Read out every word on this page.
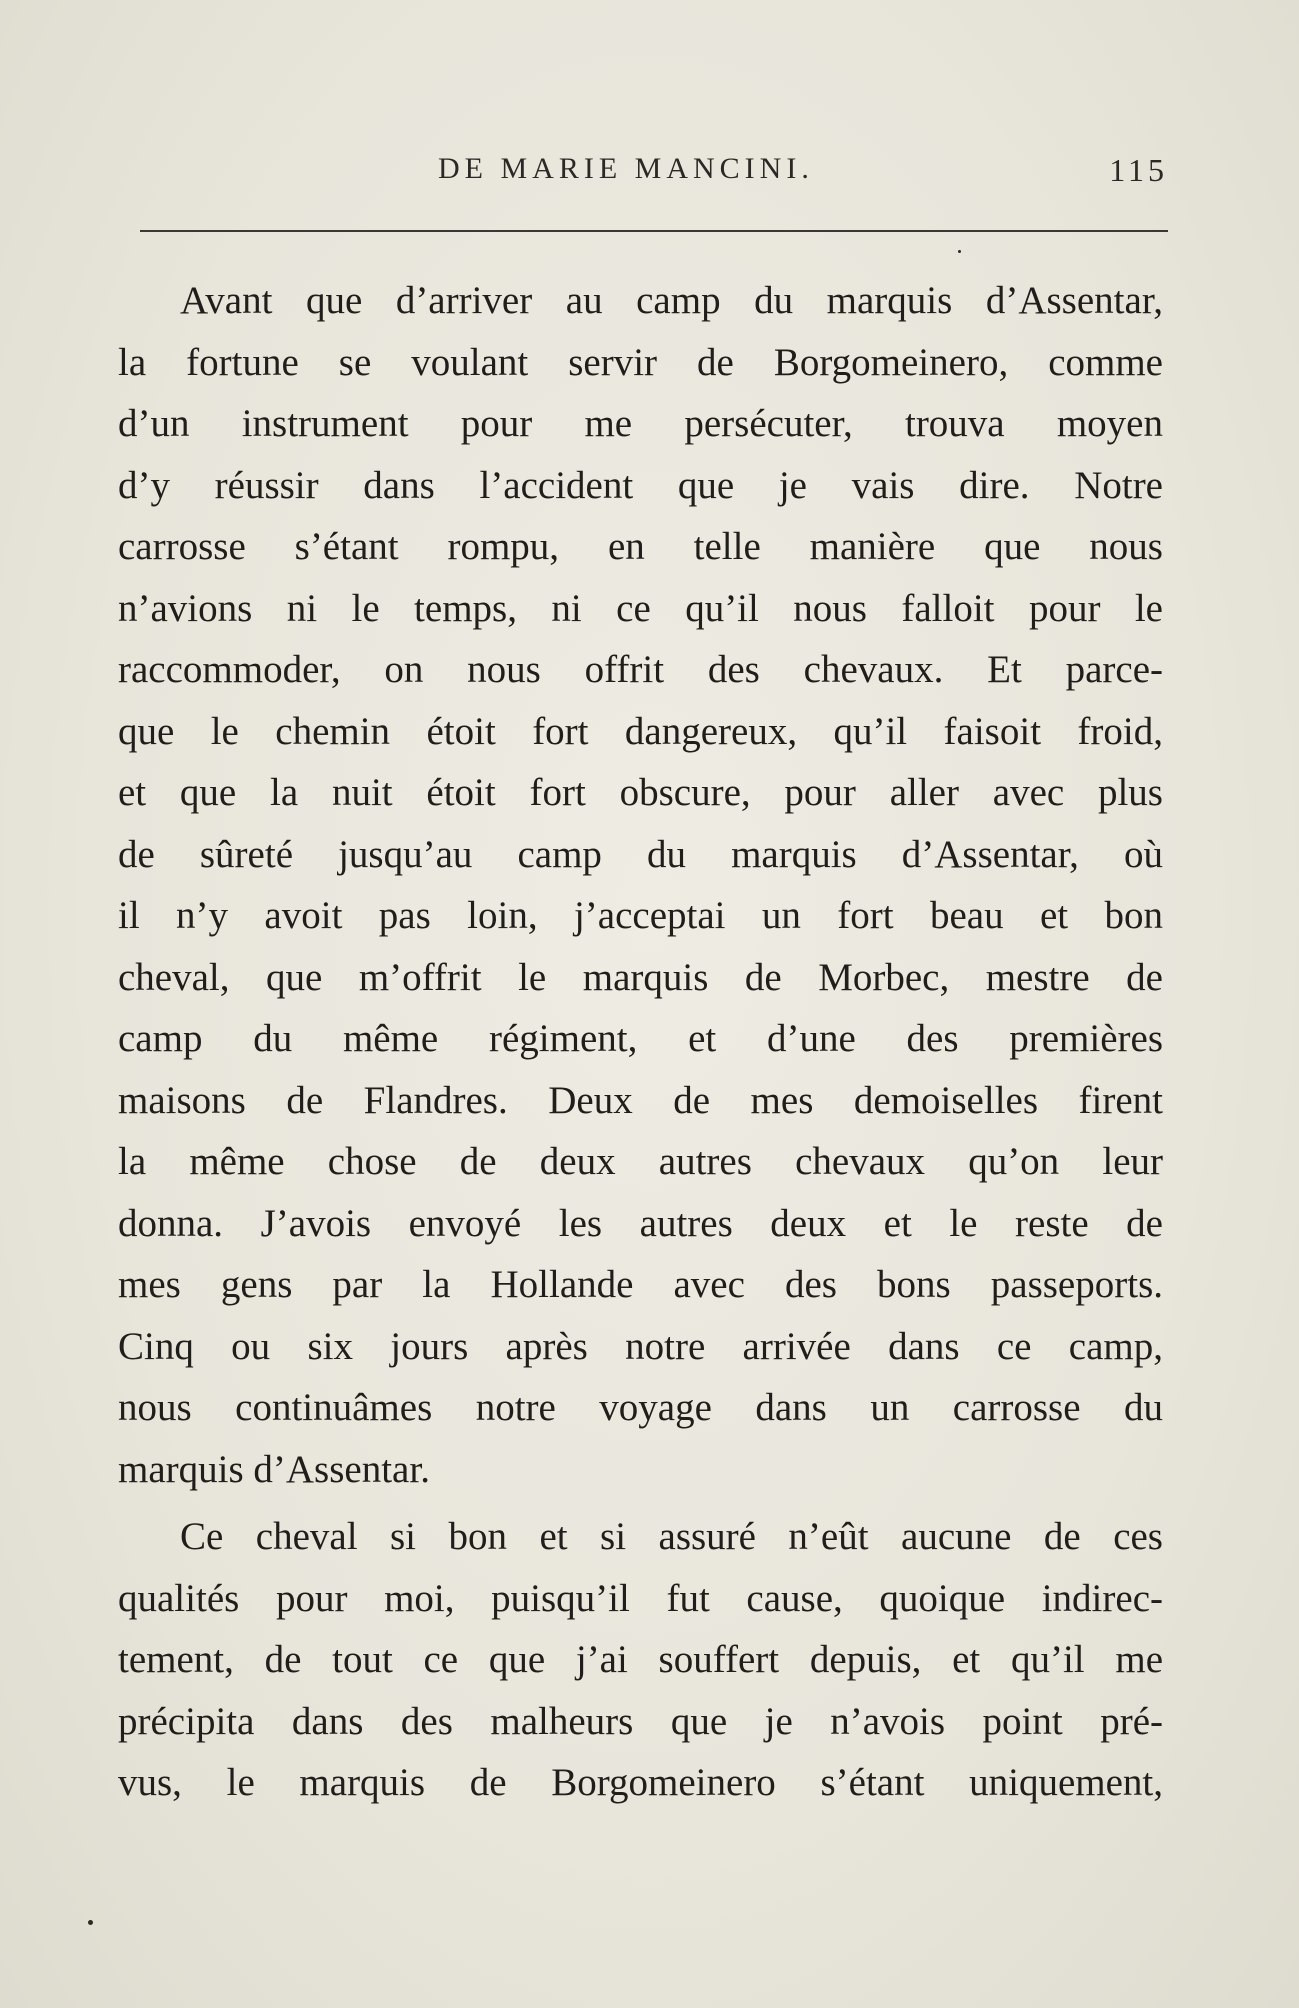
DE MARIE MANCINI.	115
Avant que d’arriver au camp du marquis d’Assentar,
la fortune se voulant servir de Borgomeinero, comme
d’un instrument pour me persécuter, trouva moyen
d’y réussir dans l’accident que je vais dire. Notre
carrosse s’étant rompu, en telle manière que nous
n’avions ni le temps, ni ce qu’il nous falloit pour le
raccommoder, on nous offrit des chevaux. Et parce-
que le chemin étoit fort dangereux, qu’il faisoit froid,
et que la nuit étoit fort obscure, pour aller avec plus
de sûreté jusqu’au camp du marquis d’Assentar, où
il n’y avoit pas loin, j’acceptai un fort beau et bon
cheval, que m’offrit le marquis de Morbec, mestre de
camp du même régiment, et d’une des premières
maisons de Flandres. Deux de mes demoiselles firent
la même chose de deux autres chevaux qu’on leur
donna. J’avois envoyé les autres deux et le reste de
mes gens par la Hollande avec des bons passeports.
Cinq ou six jours après notre arrivée dans ce camp,
nous continuâmes notre voyage dans un carrosse du
marquis d’Assentar.
Ce cheval si bon et si assuré n’eût aucune de ces
qualités pour moi, puisqu’il fut cause, quoique indirec-
tement, de tout ce que j’ai souffert depuis, et qu’il me
précipita dans des malheurs que je n’avois point pré-
vus, le marquis de Borgomeinero s’étant uniquement,
